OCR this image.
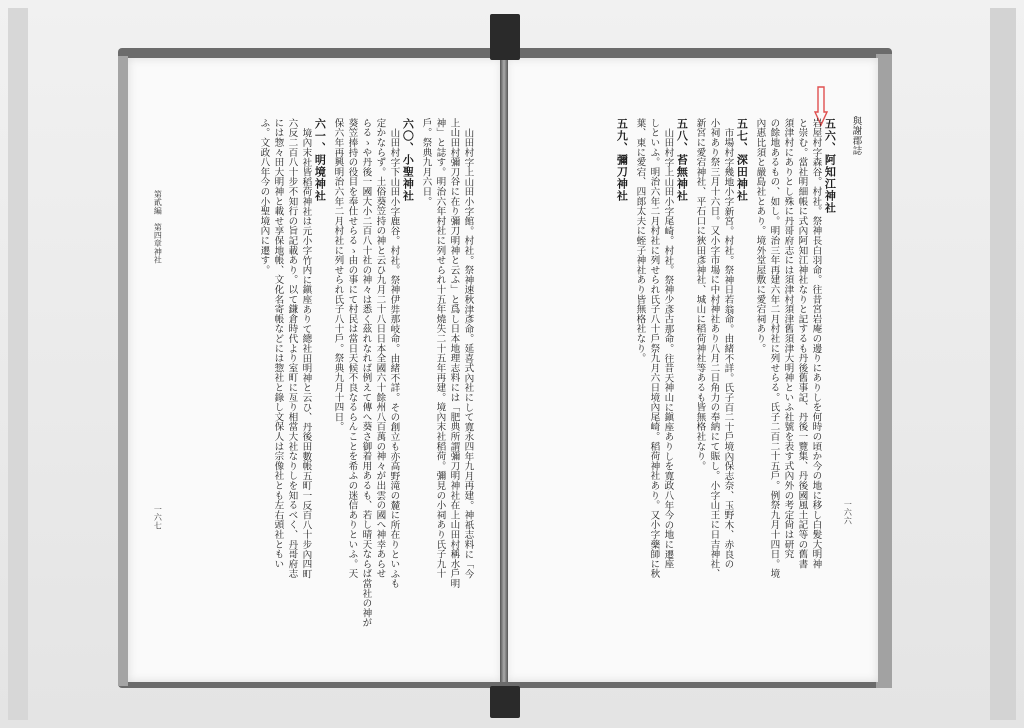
與謝郡誌
一六六
五六、阿知江神社
岩屋村字森谷。村社。祭神長白羽命。往昔宮岩庵の邊りにありしを何時の頃か今の地に移し白髪大明神
と崇む。當社明細帳に式內阿知江神社なりと記するも丹後舊事記、丹後一覽集、丹後國風土記等の舊書
須津村にありとし殊に丹哥府志には須津村須津舊須津大明神といふ社號を表す式內外の考定尙は研究
の餘地あるもの、如し。明治三年再建六年二月村社に列せらる。氏子二百二十五戶。例祭九月十四日。境
內惠比須と嚴島社とあり。境外堂屋敷に愛宕祠あり。
五七、深田神社
市場村字幾地小字新宮。村社。祭神日若翁命。由緒不詳。氏子百二十戶境內保志奈、玉野木、赤良の
小祠あり祭三月十六日。又小字市場に中村神社あり八月二日角力の奉納にて賑し。小字山王に日吉神社、
新宮に愛宕神社、平石口に狹田彥神社、城山に稻荷神社等あるも皆無格社なり。
五八、苔無神社
山田村字上山田小字尾崎。村社。祭神少彥古那命。往昔天神山に鎭座ありしを寛政八年今の地に遷座
しといふ。明治六年二月村社に列せられ氏子八十戶祭九月六日境內尾崎。稻荷神社あり。又小字藥師に秋
葉、東に愛宕、四郎太夫に蛭子神社あり皆無格社なり。
五九、彌刀神社
山田村字上山田小字館。村社。祭神速秋津彥命。延喜式內社にして寛永四年九月再建。神祇志料に「今
上山田村彌刀谷に在り彌刀明神と云ふ」と爲し日本地理志料には「肥典所謂彌刀明神社在上山田村稱水戶明
神」と誌す。明治六年村社に列せられ十五年燒失二十五年再建。境內末社稻荷。彌見の小祠あり氏子九十
戶。祭典九月六日。
六〇、小聖神社
山田村字下山田小字鹿谷。村社。祭神伊弉那岐命。由緒不詳。その創立も亦高野滝の麓に所在りといふも
定かならず。土俗葵笠持の神と云ひ九月二十八日日本全國六十餘州八百萬の神々が出雲の國へ神幸あらせ
らるゝや丹後一國大小二百八十社の神々は悉く茲れなれば例えて傳へ葵さ御着用あるも、若し晴天ならば當社の神が
葵笠捧持の役目を奉仕せらるゝ由の事にて村民は當日天候不良なるらんことを希ふの迷信ありといふ。天
保六年再興明治六年二月村社に列せられ氏子八十戶。祭典九月十四日。
六一、明境神社
境內末社皆稻荷神社は元小字竹内に鎭座ありて總社田明神と云ひ、丹後田數帳五町一反百八十步內四町
六反二百八十步不知行の旨記載あり。以て鎌倉時代より室町に亙り相當大社なりしを知るべく、丹哥府志
には惣々田大明神と載せ享保地帳、文化名寄帳などには惣社と錄し文保人は宗像社とも左右頭社ともい
ふ。文政八年今の小聖境內に遷す。
第貳編　第四章神社
一六七
